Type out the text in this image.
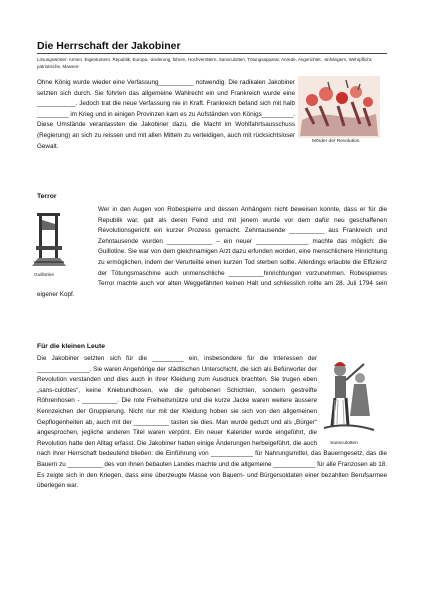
Die Herrschaft der Jakobiner

Lösungswörter: Armen, Eigentumern, Republik, Europa, -änderung, führen, Hochverrätern, Sansculotten, Tötungsapparat, Anrede, Angerichtet, -anhängern, Wehrpflicht, patriotische, Massen-

Ohne König wurde wieder eine Verfassung__________ notwendig. Die radikalen Jakobiner setzten sich durch. Sie führten das allgemeine Wahlrecht ein und Frankreich wurde eine ___________. Jedoch trat die neue Verfassung nie in Kraft. Frankreich befand sich mit halb _________ im Krieg und in einigen Provinzen kam es zu Aufständen von Königs_________. Diese Umstände veranlassten die Jakobiner dazu, die Macht im Wohlfahrtsausschuss (Regierung) an sich zu reissen und mit allen Mitteln zu verteidigen, auch mit rücksichtsloser Gewalt.

Mörder der Revolution
Terror
Guillotine

Wer in den Augen von Robespierre und dessen Anhängern nicht beweisen konnte, dass er für die Republik war, galt als deren Feind und mit jenem wurde vor dem dafür neu geschaffenen Revolutionsgericht ein kurzer Prozess gemacht. Zehntausende __________ aus Frankreich und Zehntausende wurden _____________ – ein neuer _______________ machte das möglich: die Guillotine. Sie war von dem gleichnamigen Arzt dazu erfunden worden, eine menschlichere Hinrichtung zu ermöglichen, indem der Verurteilte einen kurzen Tod sterben sollte. Allerdings erlaubte die Effizienz der Tötungsmaschine auch unmenschliche __________hinrichtungen vorzunehmen. Robespierres Terror machte auch vor alten Weggefährten keinen Halt und schliesslich rollte am 28. Juli 1794 sein eigener Kopf.

Für die kleinen Leute
Sansculotten

Die Jakobiner setzten sich für die _________ ein, insbesondere für die Interessen der _______________. Sie waren Angehörige der städtischen Unterschicht, die sich als Befürworter der Revolution verstanden und dies auch in ihrer Kleidung zum Ausdruck brachten. Sie trugen eben „sans-culottes“, keine Kniebundhosen, wie die gehobenen Schichten, sondern gestreifte Röhrenhosen - __________. Die rote Freiheitsmütze und die kurze Jacke waren weitere äussere Kennzeichen der Gruppierung. Nicht nur mit der Kleidung hoben sie sich von den allgemeinen Gepflogenheiten ab, auch mit der __________ tasten sie dies. Man wurde geduzt und als „Bürger“ angesprochen, jegliche anderen Titel waren verpönt. Ein neuer Kalender wurde eingeführt, die Revolution hatte den Alltag erfasst. Die Jakobiner hatten einige Änderungen herbeigeführt, die auch nach ihrer Herrschaft bedeutend blieben: die Einführung von ____________ für Nahrungsmittel, das Bauerngesetz, das die Bauern zu __________ des von ihnen bebauten Landes machte und die allgemeine ____________ für alle Franzosen ab 18. Es zeigte sich in den Kriegen, dass eine überzeugte Masse von Bauern- und Bürgersoldaten einer bezahlten Berufsarmee überlegen war.
